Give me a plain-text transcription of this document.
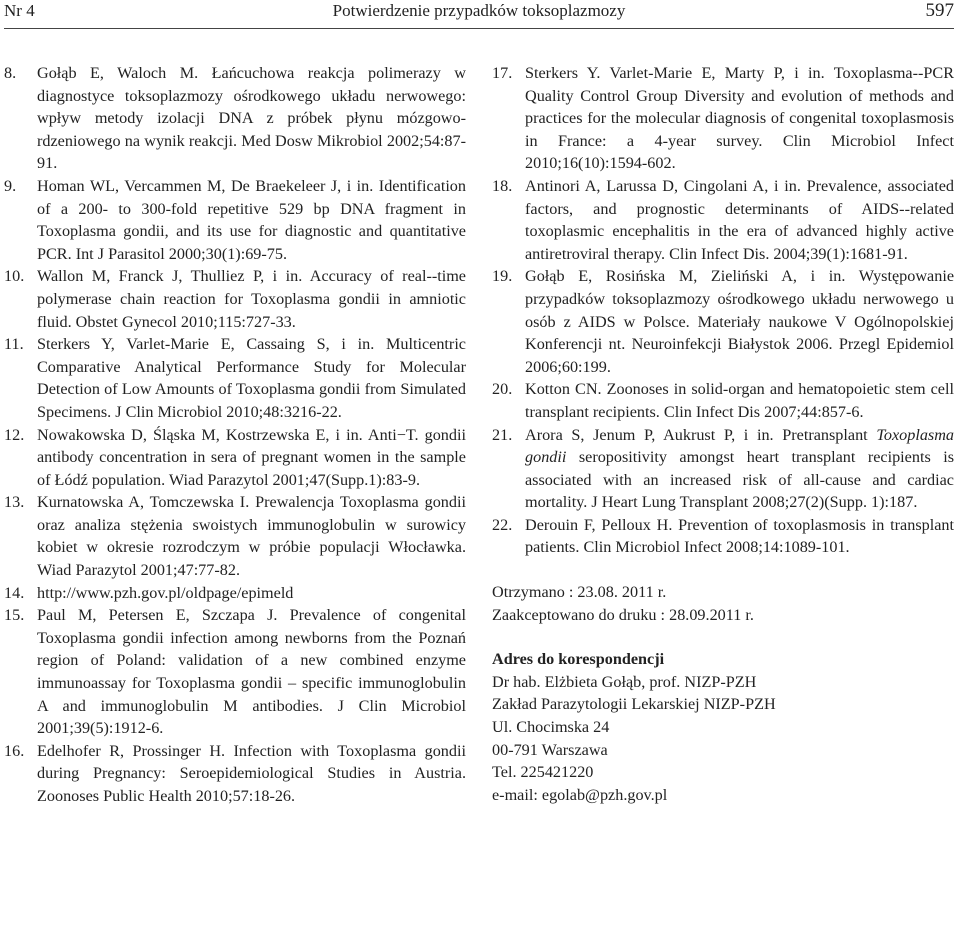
Nr 4	Potwierdzenie przypadków toksoplazmozy	597
8.	Gołąb E, Waloch M. Łańcuchowa reakcja polimerazy w diagnostyce toksoplazmozy ośrodkowego układu nerwowego: wpływ metody izolacji DNA z próbek płynu mózgowo-rdzeniowego na wynik reakcji. Med Dosw Mikrobiol 2002;54:87-91.
9.	Homan WL, Vercammen M, De Braekeleer J, i in. Identification of a 200- to 300-fold repetitive 529 bp DNA fragment in Toxoplasma gondii, and its use for diagnostic and quantitative PCR. Int J Parasitol 2000;30(1):69-75.
10. Wallon M, Franck J, Thulliez P, i in. Accuracy of real--time polymerase chain reaction for Toxoplasma gondii in amniotic fluid. Obstet Gynecol 2010;115:727-33.
11. Sterkers Y, Varlet-Marie E, Cassaing S, i in. Multicentric Comparative Analytical Performance Study for Molecular Detection of Low Amounts of Toxoplasma gondii from Simulated Specimens. J Clin Microbiol 2010;48:3216-22.
12. Nowakowska D, Śląska M, Kostrzewska E, i in. Anti−T. gondii antibody concentration in sera of pregnant women in the sample of Łódź population. Wiad Parazytol 2001;47(Supp.1):83-9.
13. Kurnatowska A, Tomczewska I. Prewalencja Toxoplasma gondii oraz analiza stężenia swoistych immunoglobulin w surowicy kobiet w okresie rozrodczym w próbie populacji Włocławka. Wiad Parazytol 2001;47:77-82.
14. http://www.pzh.gov.pl/oldpage/epimeld
15. Paul M, Petersen E, Szczapa J. Prevalence of congenital Toxoplasma gondii infection among newborns from the Poznań region of Poland: validation of a new combined enzyme immunoassay for Toxoplasma gondii – specific immunoglobulin A and immunoglobulin M antibodies. J Clin Microbiol 2001;39(5):1912-6.
16. Edelhofer R, Prossinger H. Infection with Toxoplasma gondii during Pregnancy: Seroepidemiological Studies in Austria. Zoonoses Public Health 2010;57:18-26.
17. Sterkers Y. Varlet-Marie E, Marty P, i in. Toxoplasma--PCR Quality Control Group Diversity and evolution of methods and practices for the molecular diagnosis of congenital toxoplasmosis in France: a 4-year survey. Clin Microbiol Infect 2010;16(10):1594-602.
18. Antinori A, Larussa D, Cingolani A, i in. Prevalence, associated factors, and prognostic determinants of AIDS--related toxoplasmic encephalitis in the era of advanced highly active antiretroviral therapy. Clin Infect Dis. 2004;39(1):1681-91.
19. Gołąb E, Rosińska M, Zieliński A, i in. Występowanie przypadków toksoplazmozy ośrodkowego układu nerwowego u osób z AIDS w Polsce. Materiały naukowe V Ogólnopolskiej Konferencji nt. Neuroinfekcji Białystok 2006. Przegl Epidemiol 2006;60:199.
20. Kotton CN. Zoonoses in solid-organ and hematopoietic stem cell transplant recipients. Clin Infect Dis 2007;44:857-6.
21. Arora S, Jenum P, Aukrust P, i in. Pretransplant Toxoplasma gondii seropositivity amongst heart transplant recipients is associated with an increased risk of all-cause and cardiac mortality. J Heart Lung Transplant 2008;27(2)(Supp. 1):187.
22. Derouin F, Pelloux H. Prevention of toxoplasmosis in transplant patients. Clin Microbiol Infect 2008;14:1089-101.

Otrzymano : 23.08. 2011 r.

Zaakceptowano do druku : 28.09.2011 r.

Adres do korespondencji

Dr hab. Elżbieta Gołąb, prof. NIZP-PZH

Zakład Parazytologii Lekarskiej NIZP-PZH

Ul. Chocimska 24

00-791 Warszawa

Tel. 225421220

e-mail: egolab@pzh.gov.pl
